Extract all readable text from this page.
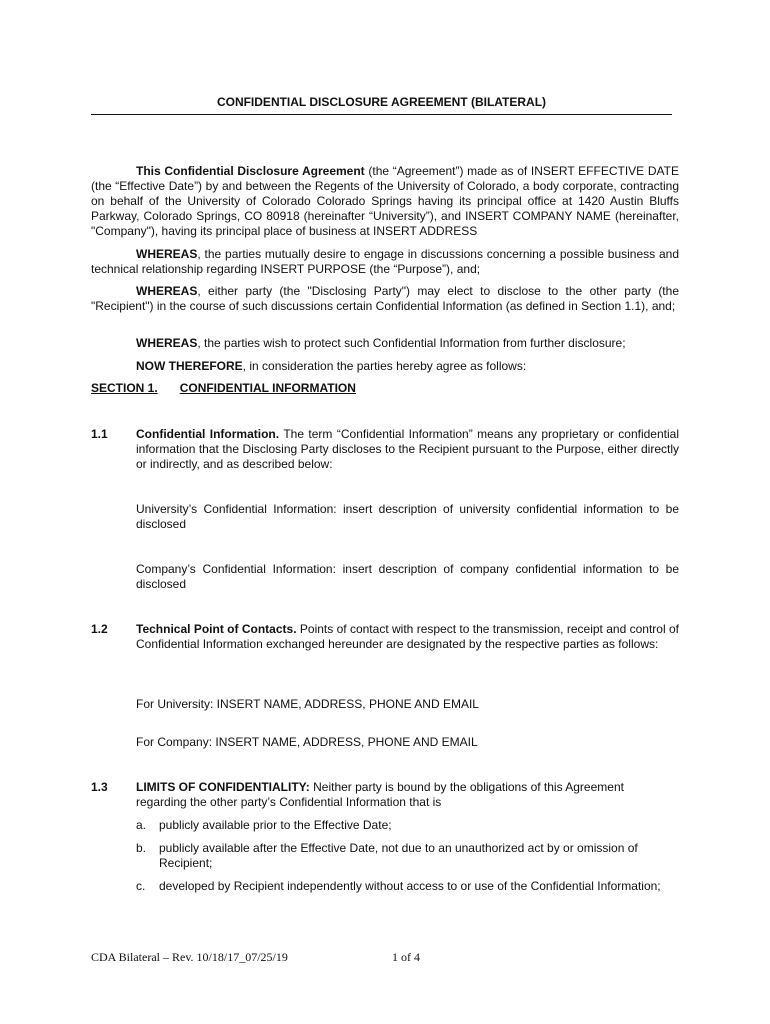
CONFIDENTIAL DISCLOSURE AGREEMENT (BILATERAL)
This Confidential Disclosure Agreement (the “Agreement”) made as of INSERT EFFECTIVE DATE (the “Effective Date”) by and between the Regents of the University of Colorado, a body corporate, contracting on behalf of the University of Colorado Colorado Springs having its principal office at 1420 Austin Bluffs Parkway, Colorado Springs, CO 80918 (hereinafter “University”), and INSERT COMPANY NAME (hereinafter, "Company"), having its principal place of business at INSERT ADDRESS
WHEREAS, the parties mutually desire to engage in discussions concerning a possible business and technical relationship regarding INSERT PURPOSE (the “Purpose”), and;
WHEREAS, either party (the "Disclosing Party") may elect to disclose to the other party (the "Recipient") in the course of such discussions certain Confidential Information (as defined in Section 1.1), and;
WHEREAS, the parties wish to protect such Confidential Information from further disclosure;
NOW THEREFORE, in consideration the parties hereby agree as follows:
SECTION 1. CONFIDENTIAL INFORMATION
1.1 Confidential Information. The term “Confidential Information” means any proprietary or confidential information that the Disclosing Party discloses to the Recipient pursuant to the Purpose, either directly or indirectly, and as described below:
University’s Confidential Information: insert description of university confidential information to be disclosed
Company’s Confidential Information: insert description of company confidential information to be disclosed
1.2 Technical Point of Contacts. Points of contact with respect to the transmission, receipt and control of Confidential Information exchanged hereunder are designated by the respective parties as follows:
For University: INSERT NAME, ADDRESS, PHONE AND EMAIL
For Company: INSERT NAME, ADDRESS, PHONE AND EMAIL
1.3 LIMITS OF CONFIDENTIALITY: Neither party is bound by the obligations of this Agreement regarding the other party’s Confidential Information that is
a. publicly available prior to the Effective Date;
b. publicly available after the Effective Date, not due to an unauthorized act by or omission of Recipient;
c. developed by Recipient independently without access to or use of the Confidential Information;
CDA Bilateral – Rev. 10/18/17_07/25/19	1 of 4
